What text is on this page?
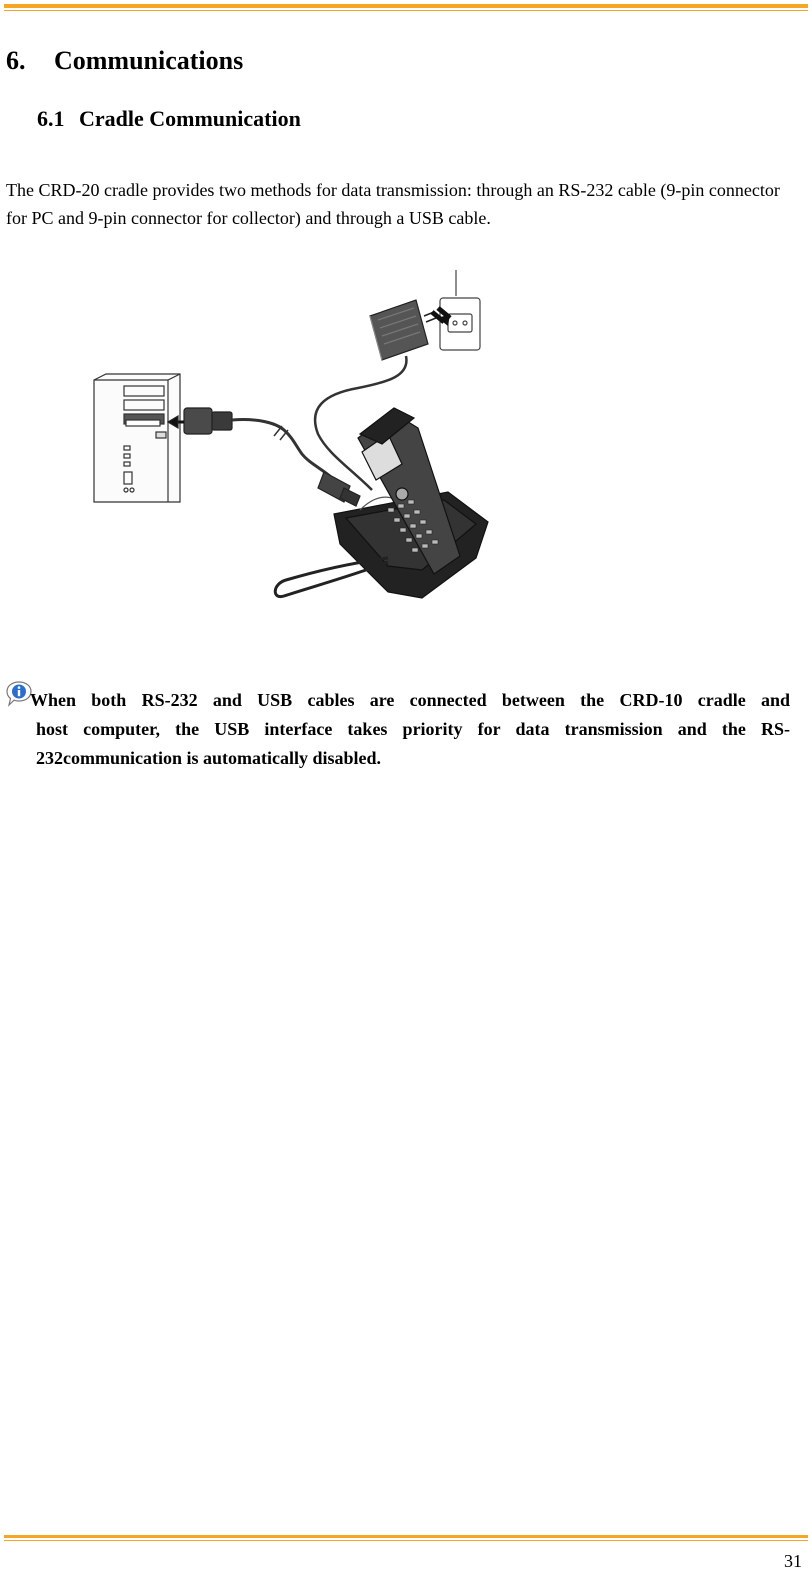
6. Communications
6.1 Cradle Communication

The CRD-20 cradle provides two methods for data transmission: through an RS-232 cable (9-pin connector for PC and 9-pin connector for collector) and through a USB cable.

When both RS-232 and USB cables are connected between the CRD-10 cradle and
host computer, the USB interface takes priority for data transmission and the RS-232communication is automatically disabled.

31
